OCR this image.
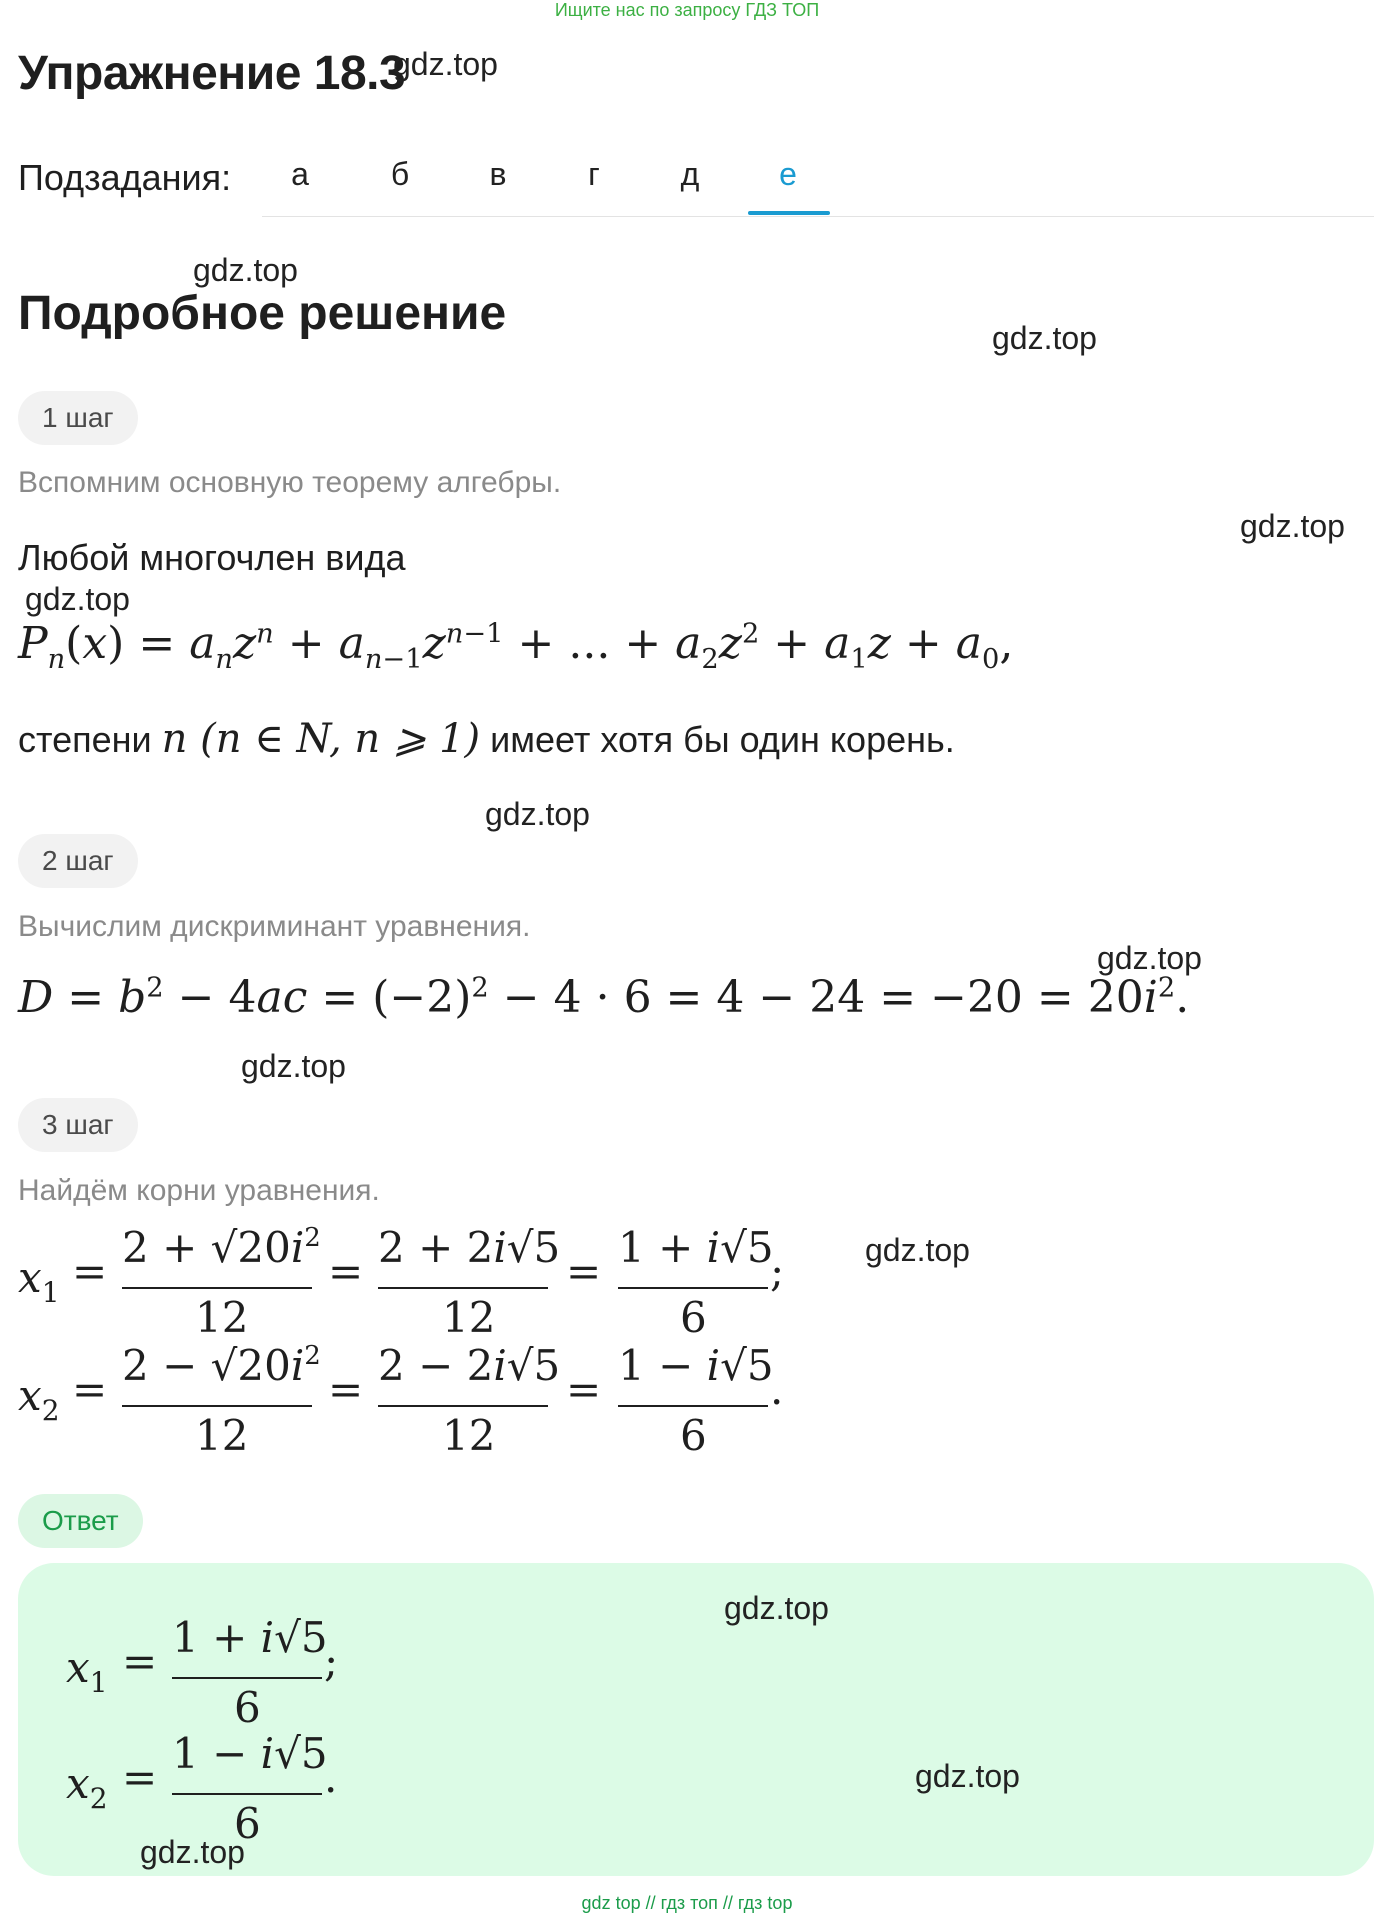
Ищите нас по запросу ГДЗ ТОП
Упражнение 18.3
gdz.top
Подзадания:	а	б	в	г	д	е
gdz.top
Подробное решение	gdz.top
1 шаг
Вспомним основную теорему алгебры.
gdz.top
Любой многочлен вида
gdz.top
$P_n(x) = a_nz^n + a_{n-1}z^{n-1}$ + ... + $a_2z^2 + a_1z + a_0$,
степени n (n ∈ N, n ⩾ 1) имеет хотя бы один корень.
gdz.top
2 шаг
Вычислим дискриминант уравнения.
gdz.top
$D = b^2 - 4ac = (-2)^2 - 4 \cdot 6 = 4 - 24 = -20 = 20i^2$.
gdz.top
3 шаг
Найдём корни уравнения.
gdz.top
$x_1 = 2 + √20i^2$
12
= 2 + 2i√5
12
= 1 + i√5
6
;
$x_2 = 2 - √20i^2$
12
= 2 − 2i√5
12
= 1 − i√5
6
.
Ответ
gdz.top
$x_1 = 1 + i√5$
6
;
$x_2 = 1 - i√5$
6
.	gdz.top
gdz.top
gdz top // гдз топ // гдз top
